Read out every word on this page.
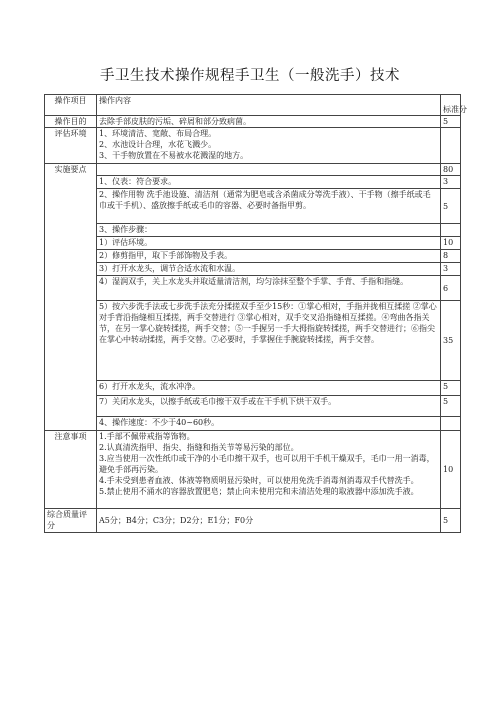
手卫生技术操作规程手卫生（一般洗手）技术
操作项目	操作内容	标准分
操作目的	去除手部皮肤的污垢、碎屑和部分致病菌。	5
评估环境	1、环境清洁、宽敞、布局合理。
2、水池设计合理，水花飞溅少。
3、干手物放置在不易被水花溅湿的地方。	

实施要点		80
	1、仪表：符合要求。	3
	2、操作用物 洗手池设施、清洁剂（通常为肥皂或含杀菌成分等洗手液）、干手物（擦手纸或毛巾或干手机）、盛放擦手纸或毛巾的容器、必要时备指甲剪。	5
	3、操作步骤：	
	1）评估环境。	10
	2）修剪指甲，取下手部饰物及手表。	8
	3）打开水龙头，调节合适水流和水温。	3
	4）湿润双手，关上水龙头并取适量清洁剂，均匀涂抹至整个手掌、手背、手指和指缝。	6
	5）按六步洗手法或七步洗手法充分揉搓双手至少15秒：①掌心相对，手指并拢相互揉搓 ②掌心对手背沿指缝相互揉搓，两手交替进行 ③掌心相对，双手交叉沿指缝相互揉搓。④弯曲各指关节，在另一掌心旋转揉搓，两手交替；⑤一手握另一手大拇指旋转揉搓，两手交替进行；⑥指尖在掌心中转动揉搓，两手交替。⑦必要时，手掌握住手腕旋转揉搓，两手交替。	35
	6）打开水龙头，流水冲净。	5
	7）关闭水龙头，以擦手纸或毛巾擦干双手或在干手机下烘干双手。	5
	4、操作速度：不少于40~60秒。	
注意事项	1.手部不佩带戒指等饰物。
2.认真清洗指甲、指尖、指缝和指关节等易污染的部位。
3.应当使用一次性纸巾或干净的小毛巾擦干双手，也可以用干手机干燥双手，毛巾一用一消毒，避免手部再污染。
4.手未受到患者血液、体液等物质明显污染时，可以使用免洗手消毒剂消毒双手代替洗手。
5.禁止使用不涌水的容器放置肥皂；禁止向未使用完和未清洁处理的取液器中添加洗手液。	10
综合质量评分	A5分；B4分；C3分；D2分；E1分；F0分	5
